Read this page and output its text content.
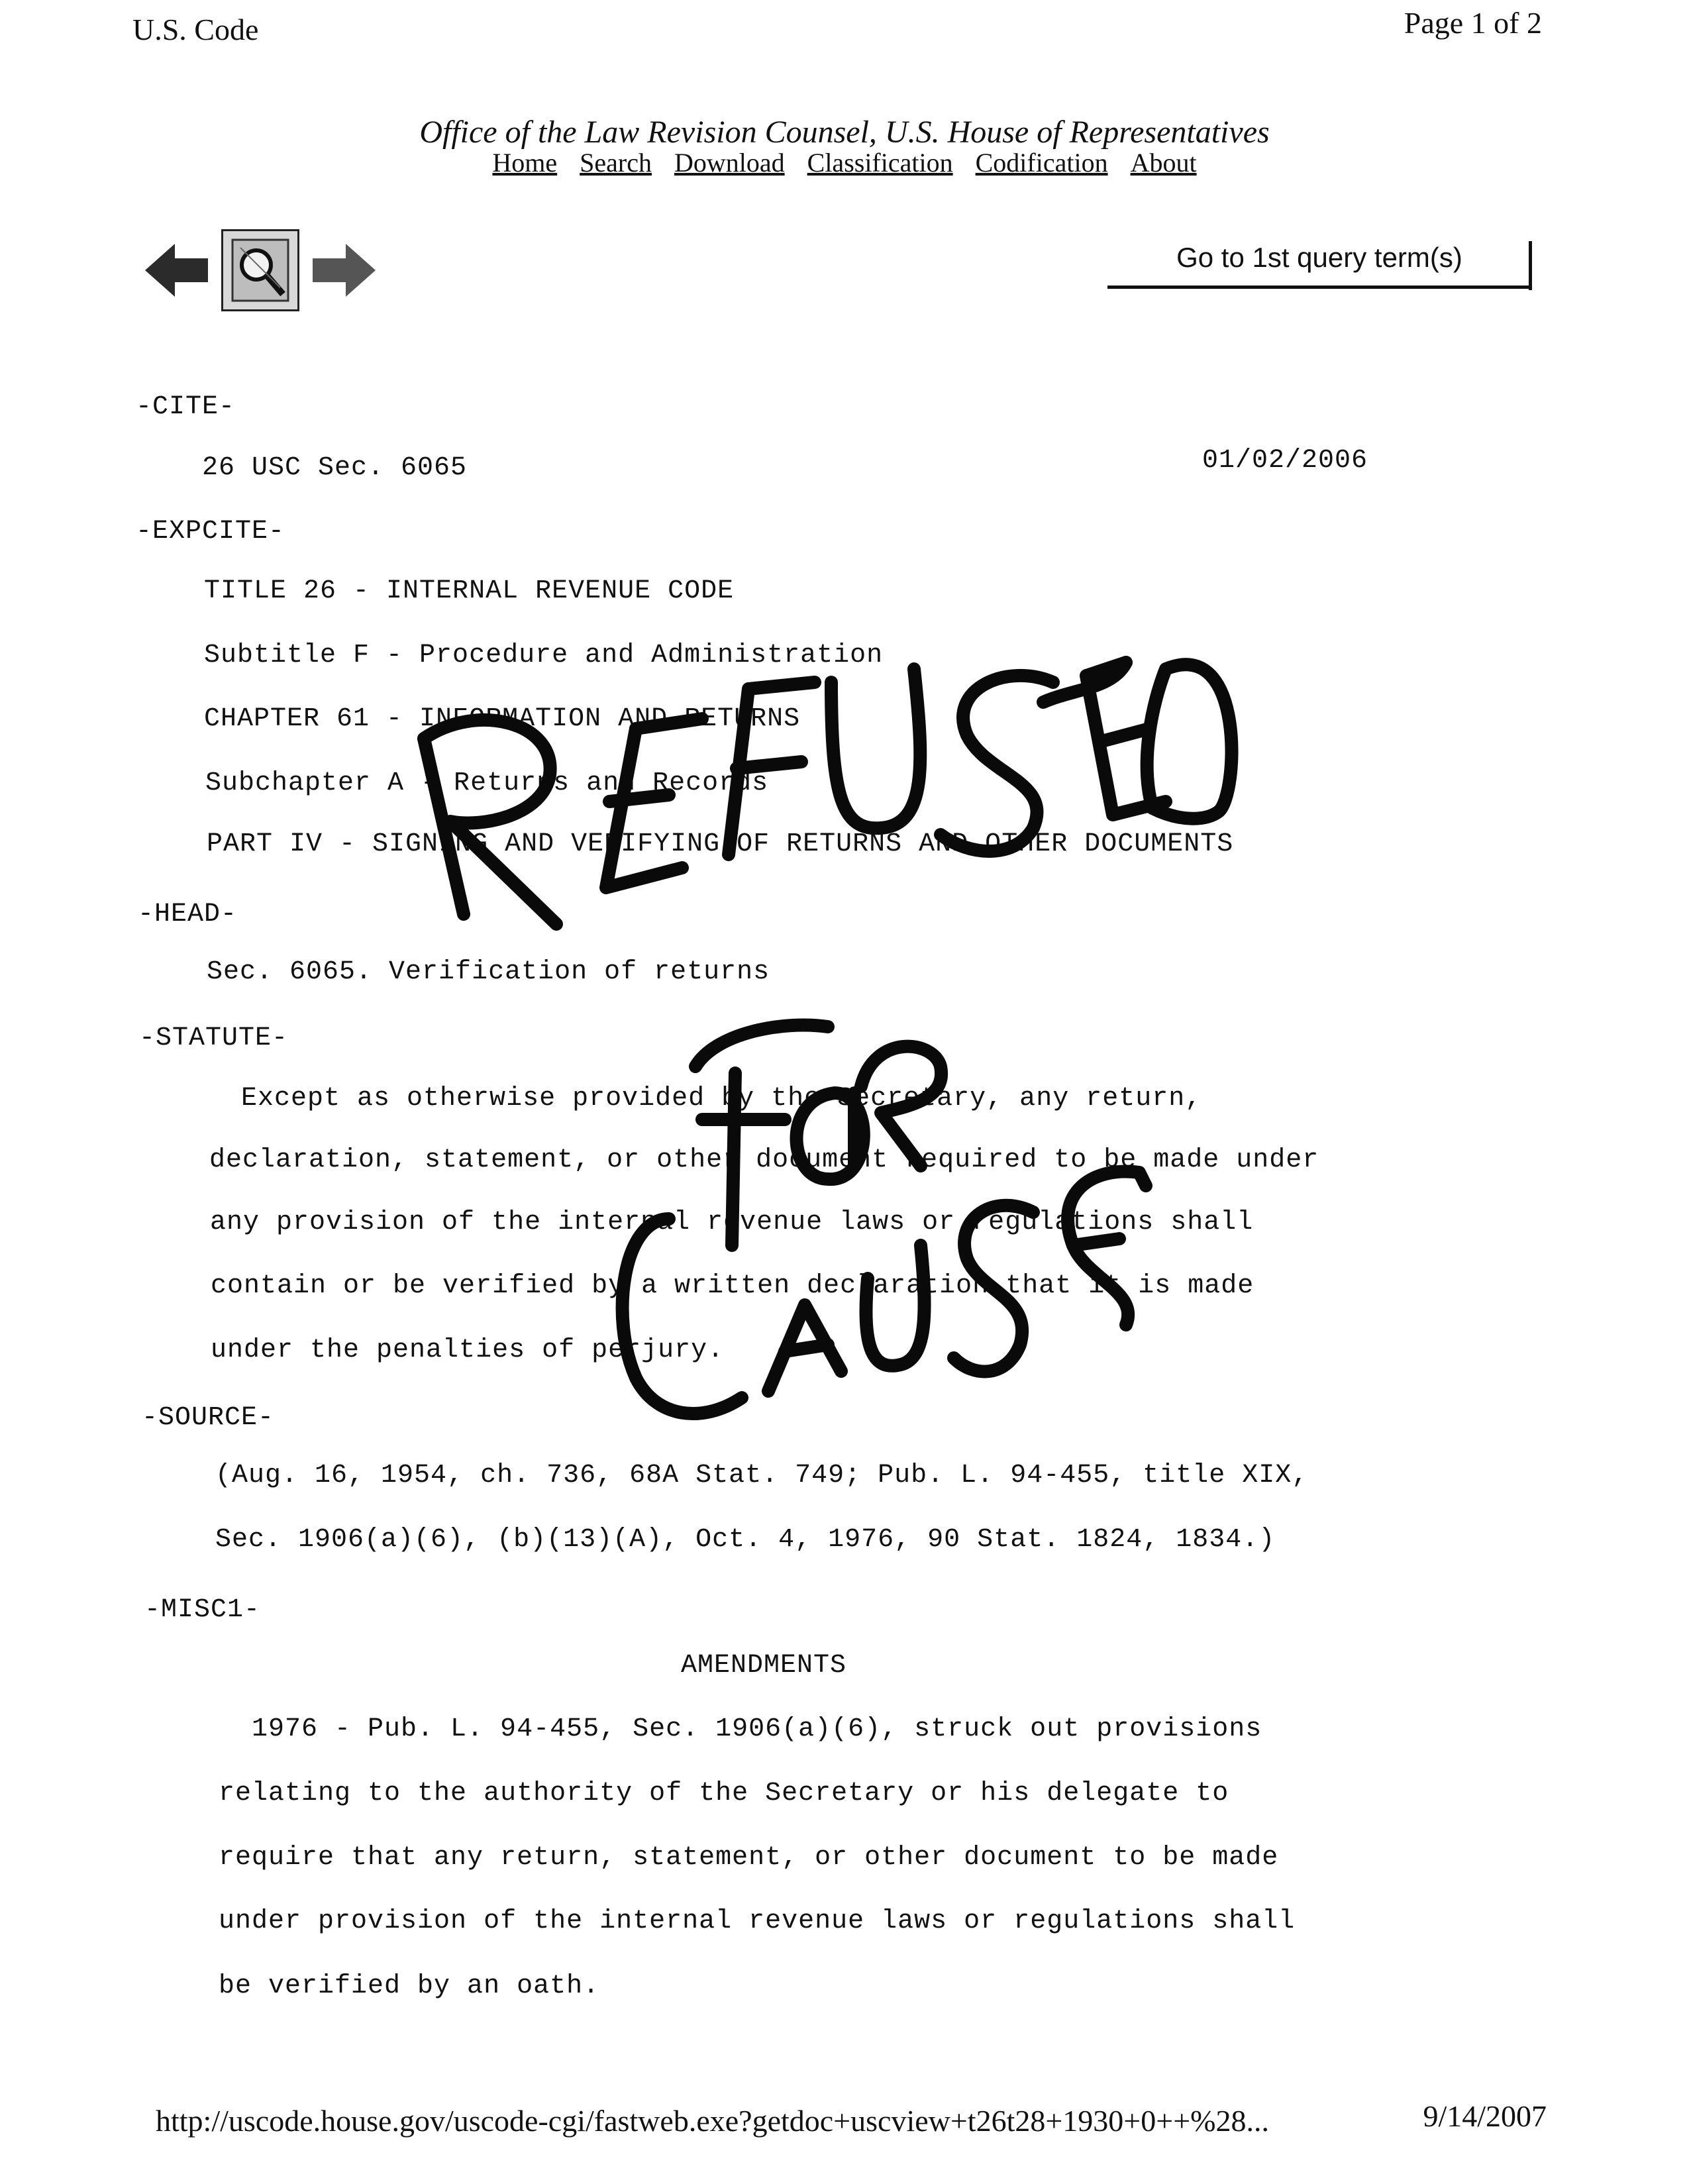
U.S. Code	Page 1 of 2
Office of the Law Revision Counsel, U.S. House of Representatives
Home Search Download Classification Codification About
Go to 1st query term(s)
-CITE-
26 USC Sec. 6065	01/02/2006
-EXPCITE-
TITLE 26 - INTERNAL REVENUE CODE
Subtitle F - Procedure and Administration
CHAPTER 61 - INFORMATION AND RETURNS
Subchapter A - Returns and Records
PART IV - SIGNING AND VERIFYING OF RETURNS AND OTHER DOCUMENTS
-HEAD-
Sec. 6065. Verification of returns
-STATUTE-
Except as otherwise provided by the Secretary, any return,
declaration, statement, or other document required to be made under
any provision of the internal revenue laws or regulations shall
contain or be verified by a written declaration that it is made
under the penalties of perjury.
-SOURCE-
(Aug. 16, 1954, ch. 736, 68A Stat. 749; Pub. L. 94-455, title XIX,
Sec. 1906(a)(6), (b)(13)(A), Oct. 4, 1976, 90 Stat. 1824, 1834.)
-MISC1-
AMENDMENTS
1976 - Pub. L. 94-455, Sec. 1906(a)(6), struck out provisions
relating to the authority of the Secretary or his delegate to
require that any return, statement, or other document to be made
under provision of the internal revenue laws or regulations shall
be verified by an oath.
http://uscode.house.gov/uscode-cgi/fastweb.exe?getdoc+uscview+t26t28+1930+0++%28...	9/14/2007
